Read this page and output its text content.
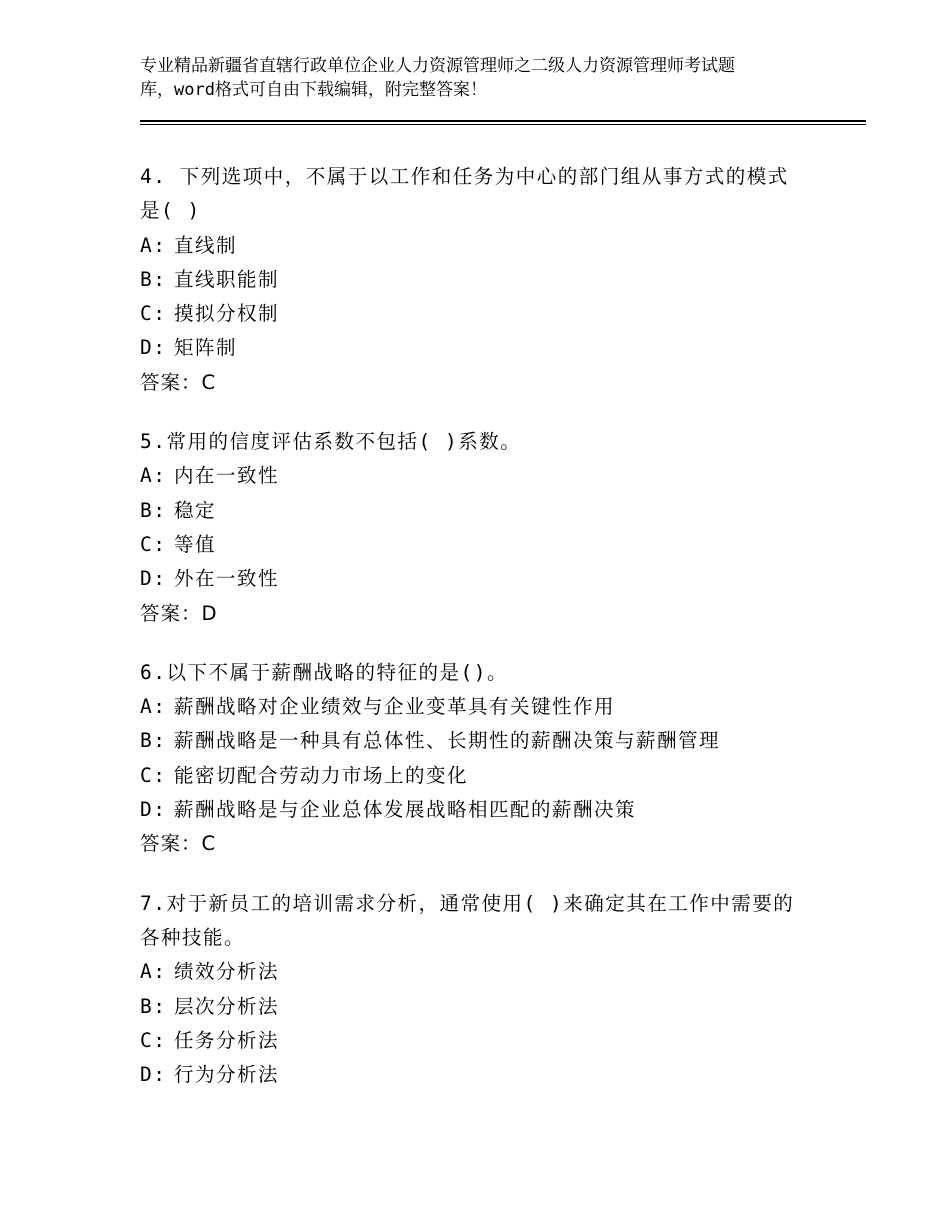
专业精品新疆省直辖行政单位企业人力资源管理师之二级人力资源管理师考试题
库，word格式可自由下载编辑，附完整答案！
4. 下列选项中，不属于以工作和任务为中心的部门组从事方式的模式
是( )
A: 直线制
B: 直线职能制
C: 摸拟分权制
D: 矩阵制
答案：C
5.常用的信度评估系数不包括( )系数。
A: 内在一致性
B: 稳定
C: 等值
D: 外在一致性
答案：D
6.以下不属于薪酬战略的特征的是()。
A: 薪酬战略对企业绩效与企业变革具有关键性作用
B: 薪酬战略是一种具有总体性、长期性的薪酬决策与薪酬管理
C: 能密切配合劳动力市场上的变化
D: 薪酬战略是与企业总体发展战略相匹配的薪酬决策
答案：C
7.对于新员工的培训需求分析，通常使用( )来确定其在工作中需要的
各种技能。
A: 绩效分析法
B: 层次分析法
C: 任务分析法
D: 行为分析法
